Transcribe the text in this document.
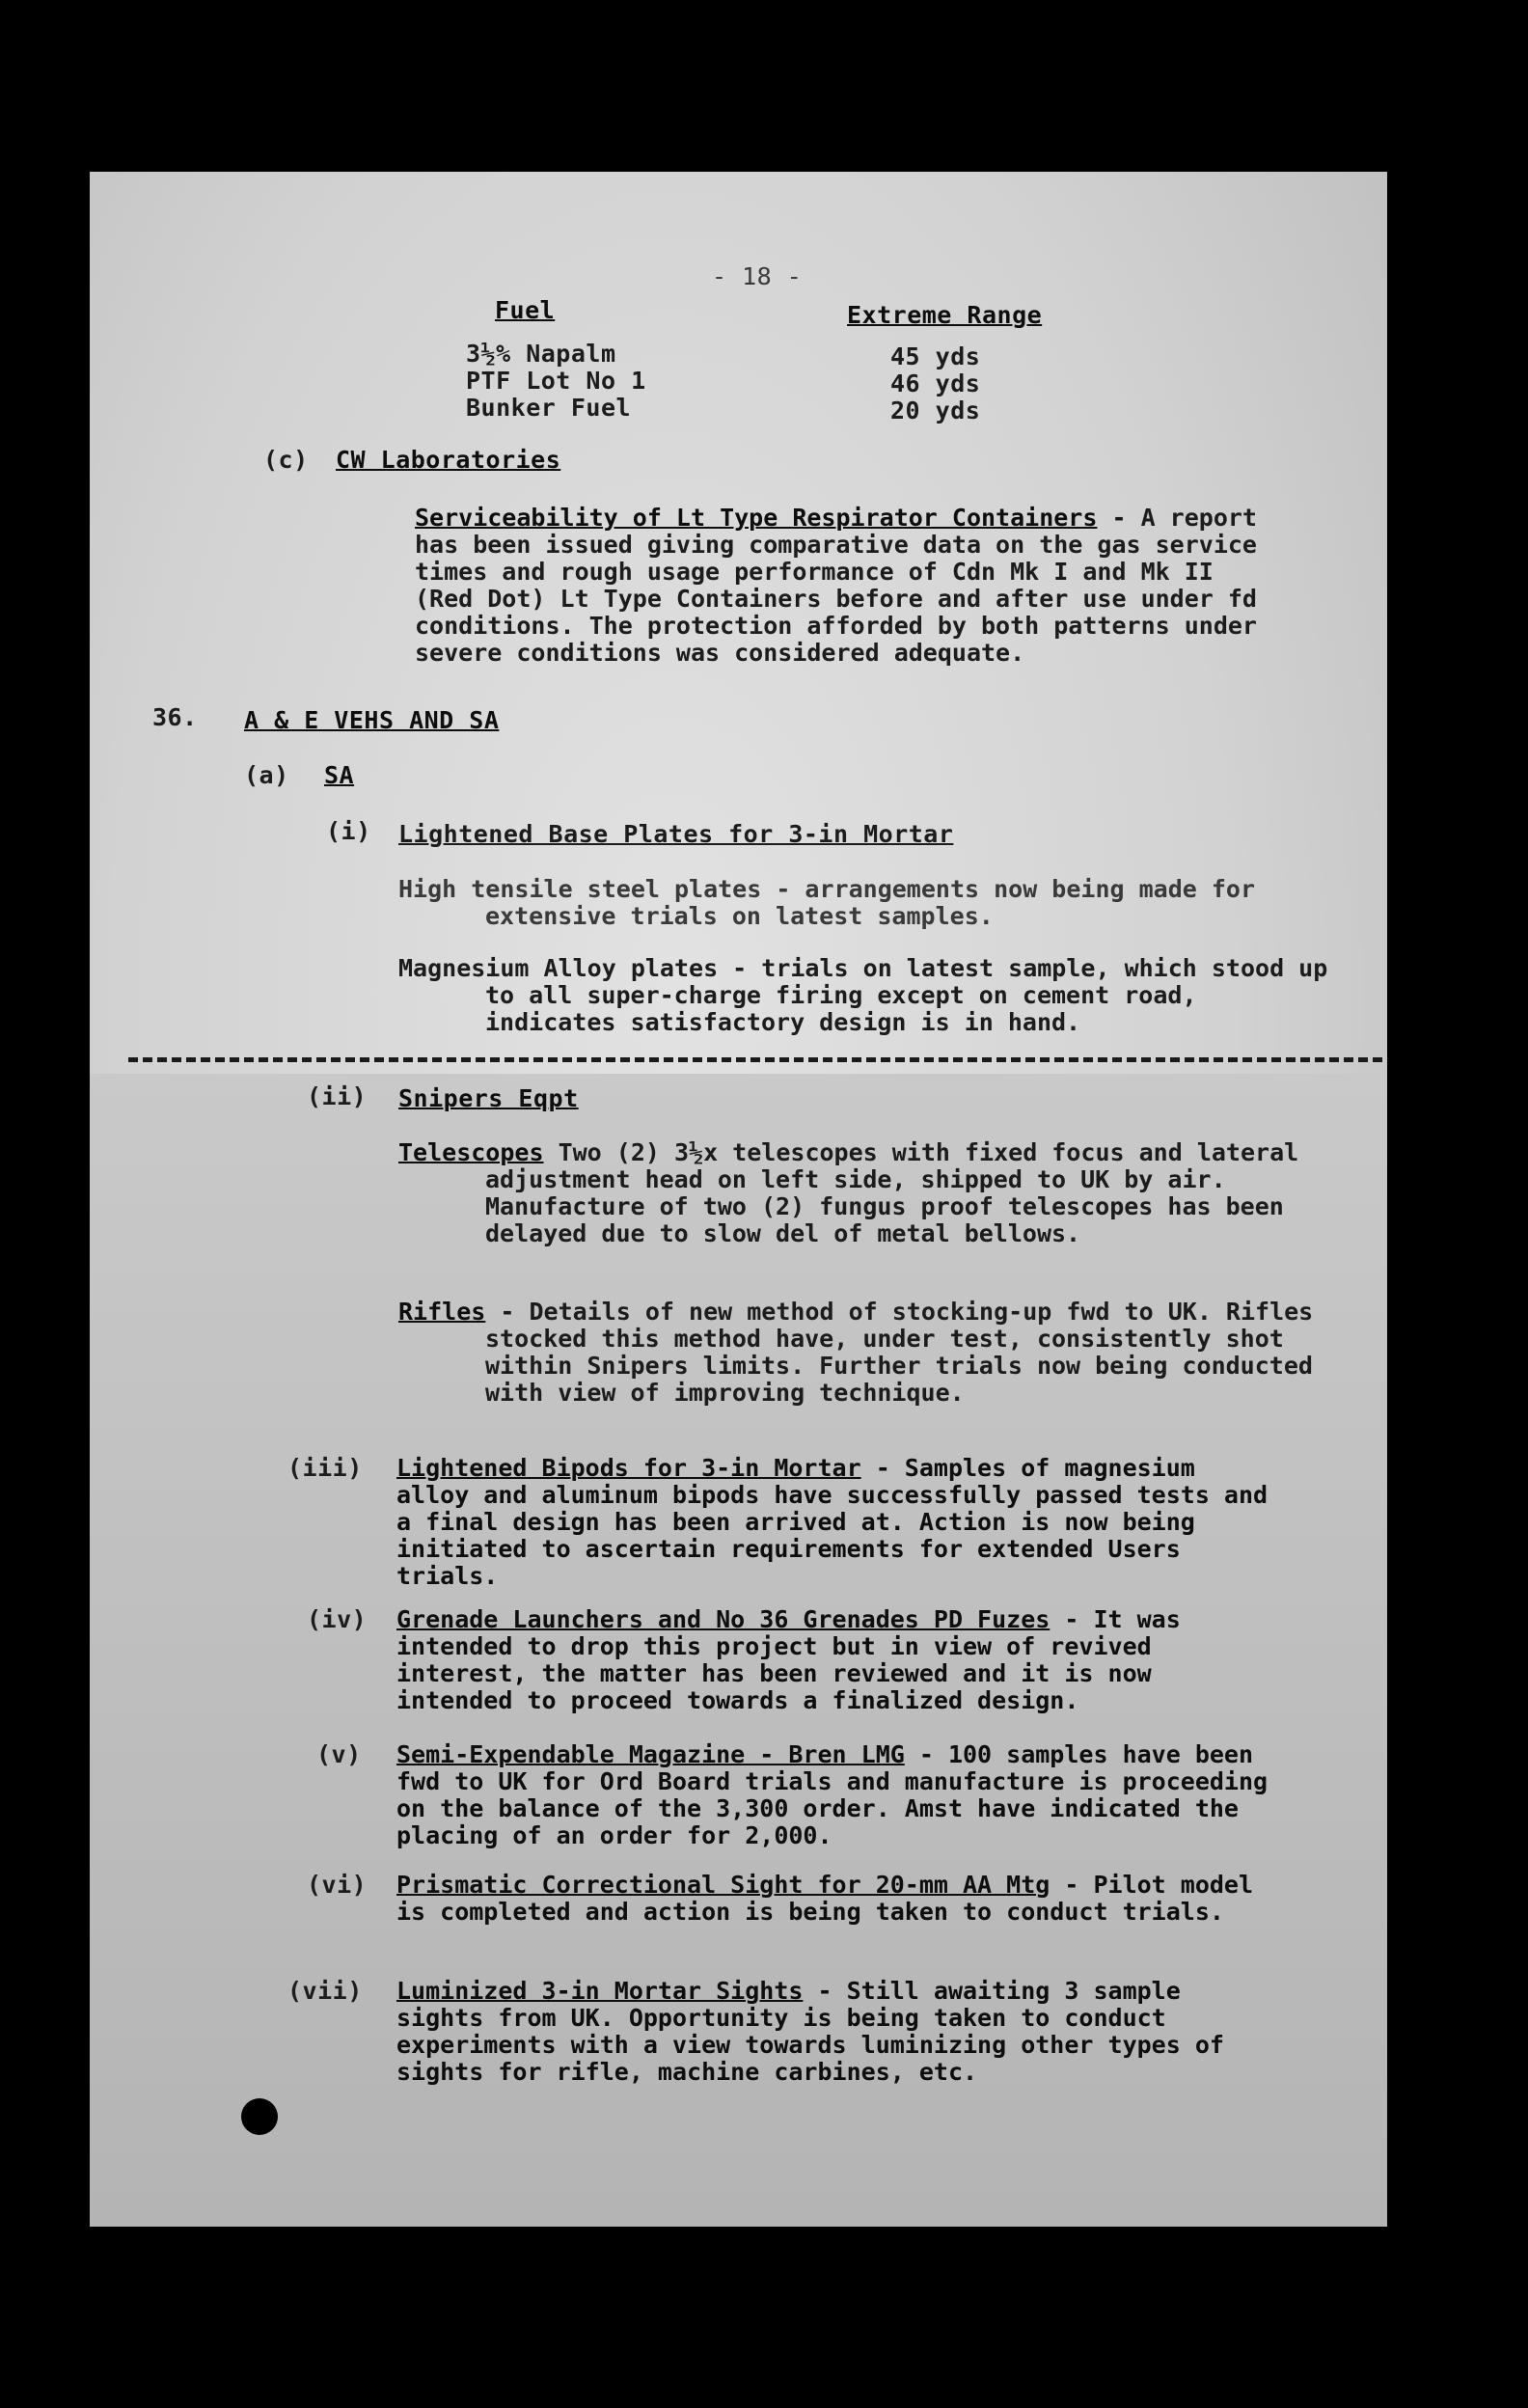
- 18 -
Fuel	Extreme Range
3½% Napalm	45 yds
PTF Lot No 1	46 yds
Bunker Fuel	20 yds
(c) CW Laboratories
Serviceability of Lt Type Respirator Containers - A report has been issued giving comparative data on the gas service times and rough usage performance of Cdn Mk I and Mk II (Red Dot) Lt Type Containers before and after use under fd conditions. The protection afforded by both patterns under severe conditions was considered adequate.
36. A & E VEHS AND SA
(a) SA
(i) Lightened Base Plates for 3-in Mortar
High tensile steel plates - arrangements now being made for extensive trials on latest samples.
Magnesium Alloy plates - trials on latest sample, which stood up to all super-charge firing except on cement road, indicates satisfactory design is in hand.
(ii) Snipers Eqpt
Telescopes Two (2) 3½x telescopes with fixed focus and lateral adjustment head on left side, shipped to UK by air. Manufacture of two (2) fungus proof telescopes has been delayed due to slow del of metal bellows.
Rifles - Details of new method of stocking-up fwd to UK. Rifles stocked this method have, under test, consistently shot within Snipers limits. Further trials now being conducted with view of improving technique.
(iii) Lightened Bipods for 3-in Mortar - Samples of magnesium alloy and aluminum bipods have successfully passed tests and a final design has been arrived at. Action is now being initiated to ascertain requirements for extended Users trials.
(iv) Grenade Launchers and No 36 Grenades PD Fuzes - It was intended to drop this project but in view of revived interest, the matter has been reviewed and it is now intended to proceed towards a finalized design.
(v) Semi-Expendable Magazine - Bren LMG - 100 samples have been fwd to UK for Ord Board trials and manufacture is proceeding on the balance of the 3,300 order. Amst have indicated the placing of an order for 2,000.
(vi) Prismatic Correctional Sight for 20-mm AA Mtg - Pilot model is completed and action is being taken to conduct trials.
(vii) Luminized 3-in Mortar Sights - Still awaiting 3 sample sights from UK. Opportunity is being taken to conduct experiments with a view towards luminizing other types of sights for rifle, machine carbines, etc.
